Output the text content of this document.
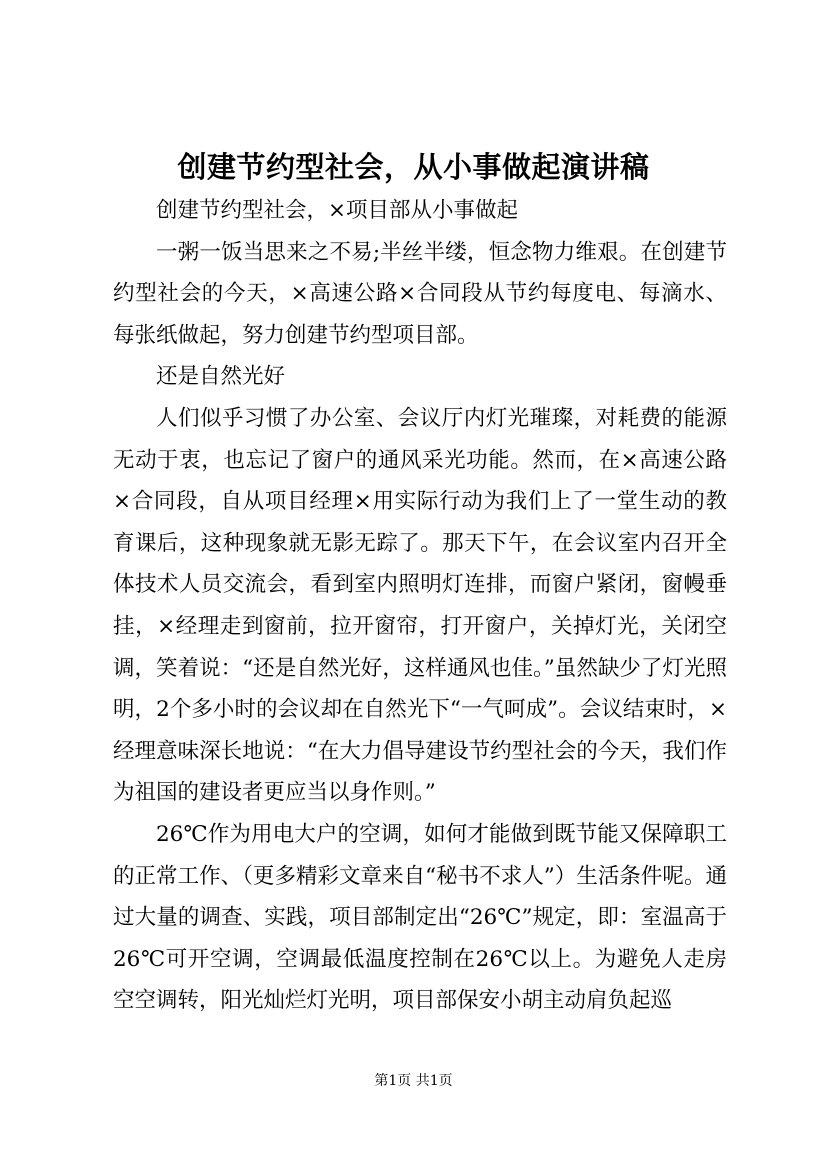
创建节约型社会，从小事做起演讲稿

创建节约型社会，×项目部从小事做起

一粥一饭当思来之不易;半丝半缕，恒念物力维艰。在创建节约型社会的今天，×高速公路×合同段从节约每度电、每滴水、每张纸做起，努力创建节约型项目部。

还是自然光好

人们似乎习惯了办公室、会议厅内灯光璀璨，对耗费的能源无动于衷，也忘记了窗户的通风采光功能。然而，在×高速公路×合同段，自从项目经理×用实际行动为我们上了一堂生动的教育课后，这种现象就无影无踪了。那天下午，在会议室内召开全体技术人员交流会，看到室内照明灯连排，而窗户紧闭，窗幔垂挂，×经理走到窗前，拉开窗帘，打开窗户，关掉灯光，关闭空调，笑着说：“还是自然光好，这样通风也佳。”虽然缺少了灯光照明，2个多小时的会议却在自然光下“一气呵成”。会议结束时，×经理意味深长地说：“在大力倡导建设节约型社会的今天，我们作为祖国的建设者更应当以身作则。”

26℃作为用电大户的空调，如何才能做到既节能又保障职工的正常工作、（更多精彩文章来自“秘书不求人”）生活条件呢。通过大量的调查、实践，项目部制定出“26℃”规定，即：室温高于26℃可开空调，空调最低温度控制在26℃以上。为避免人走房空空调转，阳光灿烂灯光明，项目部保安小胡主动肩负起巡

第1页 共1页
